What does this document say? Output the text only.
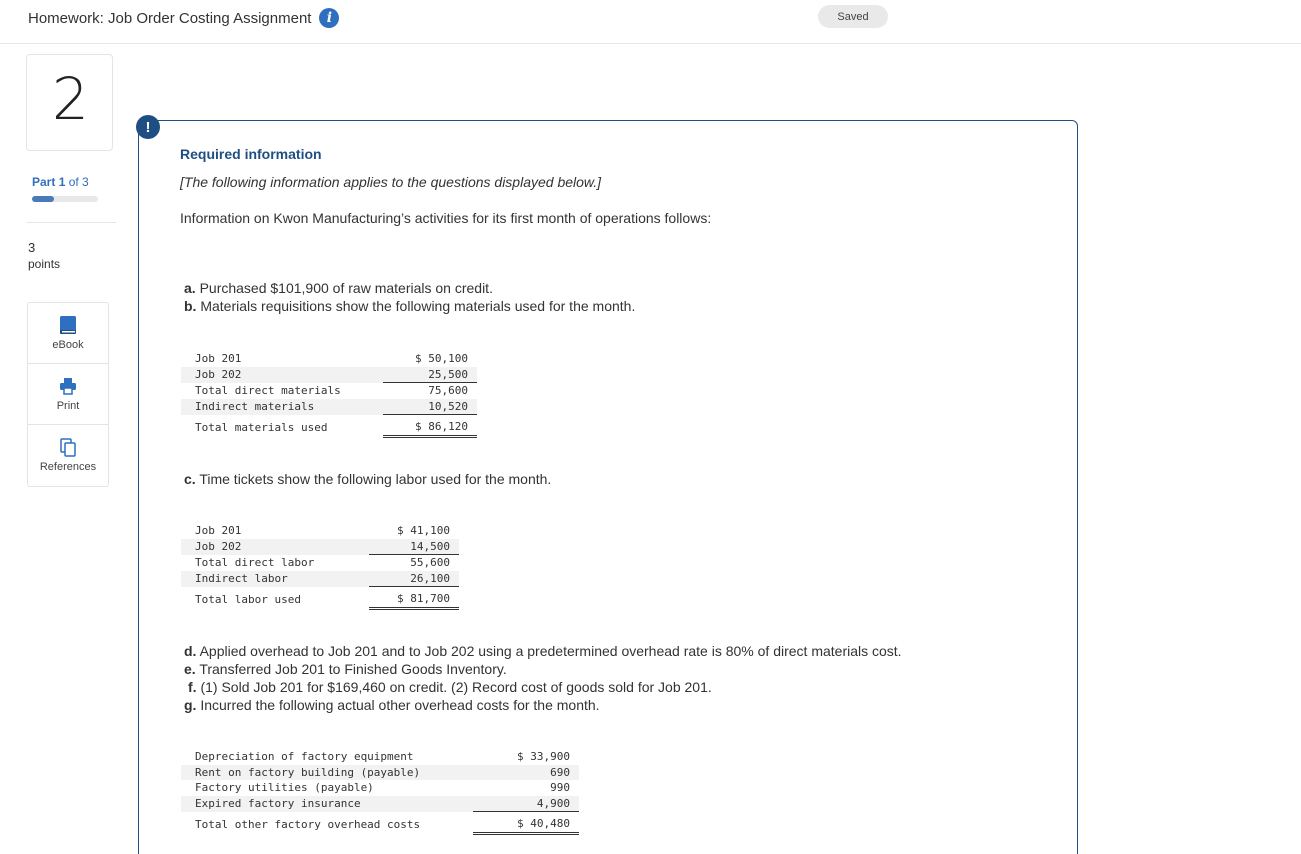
Homework: Job Order Costing Assignment	i	Saved
2
Part 1 of 3
3
points
eBook
Print
References
!
Required information
[The following information applies to the questions displayed below.]
Information on Kwon Manufacturing’s activities for its first month of operations follows:
a. Purchased $101,900 of raw materials on credit.
b. Materials requisitions show the following materials used for the month.
Job 201	$ 50,100
Job 202	25,500
Total direct materials	75,600
Indirect materials	10,520
Total materials used	$ 86,120
c. Time tickets show the following labor used for the month.
Job 201	$ 41,100
Job 202	14,500
Total direct labor	55,600
Indirect labor	26,100
Total labor used	$ 81,700
d. Applied overhead to Job 201 and to Job 202 using a predetermined overhead rate is 80% of direct materials cost.
e. Transferred Job 201 to Finished Goods Inventory.
f. (1) Sold Job 201 for $169,460 on credit. (2) Record cost of goods sold for Job 201.
g. Incurred the following actual other overhead costs for the month.
Depreciation of factory equipment	$ 33,900
Rent on factory building (payable)	690
Factory utilities (payable)	990
Expired factory insurance	4,900
Total other factory overhead costs	$ 40,480
